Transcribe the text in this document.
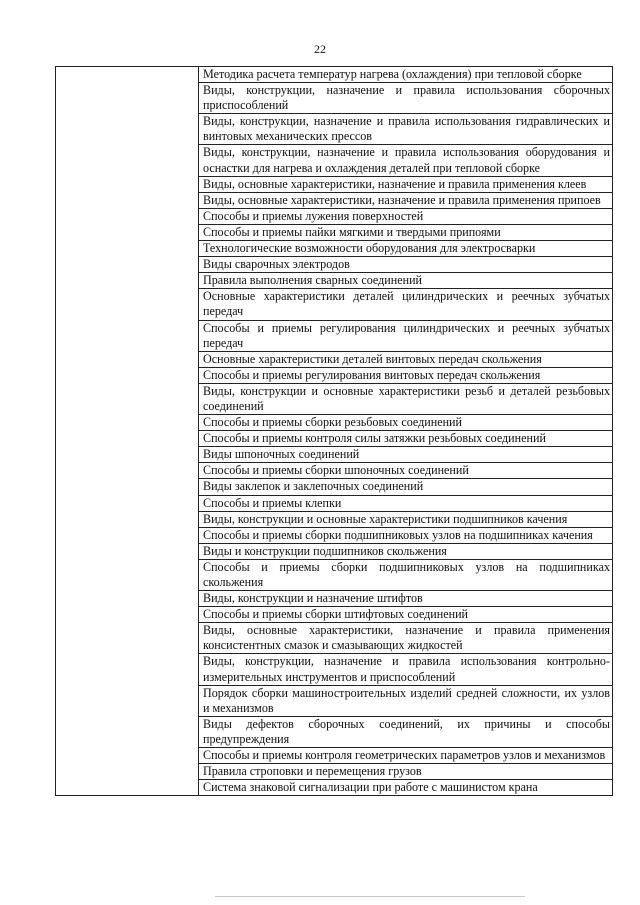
22
	Методика расчета температур нагрева (охлаждения) при тепловой сборке
Виды, конструкции, назначение и правила использования сборочных приспособлений
Виды, конструкции, назначение и правила использования гидравлических и винтовых механических прессов
Виды, конструкции, назначение и правила использования оборудования и оснастки для нагрева и охлаждения деталей при тепловой сборке
Виды, основные характеристики, назначение и правила применения клеев
Виды, основные характеристики, назначение и правила применения припоев
Способы и приемы лужения поверхностей
Способы и приемы пайки мягкими и твердыми припоями
Технологические возможности оборудования для электросварки
Виды сварочных электродов
Правила выполнения сварных соединений
Основные характеристики деталей цилиндрических и реечных зубчатых передач
Способы и приемы регулирования цилиндрических и реечных зубчатых передач
Основные характеристики деталей винтовых передач скольжения
Способы и приемы регулирования винтовых передач скольжения
Виды, конструкции и основные характеристики резьб и деталей резьбовых соединений
Способы и приемы сборки резьбовых соединений
Способы и приемы контроля силы затяжки резьбовых соединений
Виды шпоночных соединений
Способы и приемы сборки шпоночных соединений
Виды заклепок и заклепочных соединений
Способы и приемы клепки
Виды, конструкции и основные характеристики подшипников качения
Способы и приемы сборки подшипниковых узлов на подшипниках качения
Виды и конструкции подшипников скольжения
Способы и приемы сборки подшипниковых узлов на подшипниках скольжения
Виды, конструкции и назначение штифтов
Способы и приемы сборки штифтовых соединений
Виды, основные характеристики, назначение и правила применения консистентных смазок и смазывающих жидкостей
Виды, конструкции, назначение и правила использования контрольно-измерительных инструментов и приспособлений
Порядок сборки машиностроительных изделий средней сложности, их узлов и механизмов
Виды дефектов сборочных соединений, их причины и способы предупреждения
Способы и приемы контроля геометрических параметров узлов и механизмов
Правила строповки и перемещения грузов
Система знаковой сигнализации при работе с машинистом крана
